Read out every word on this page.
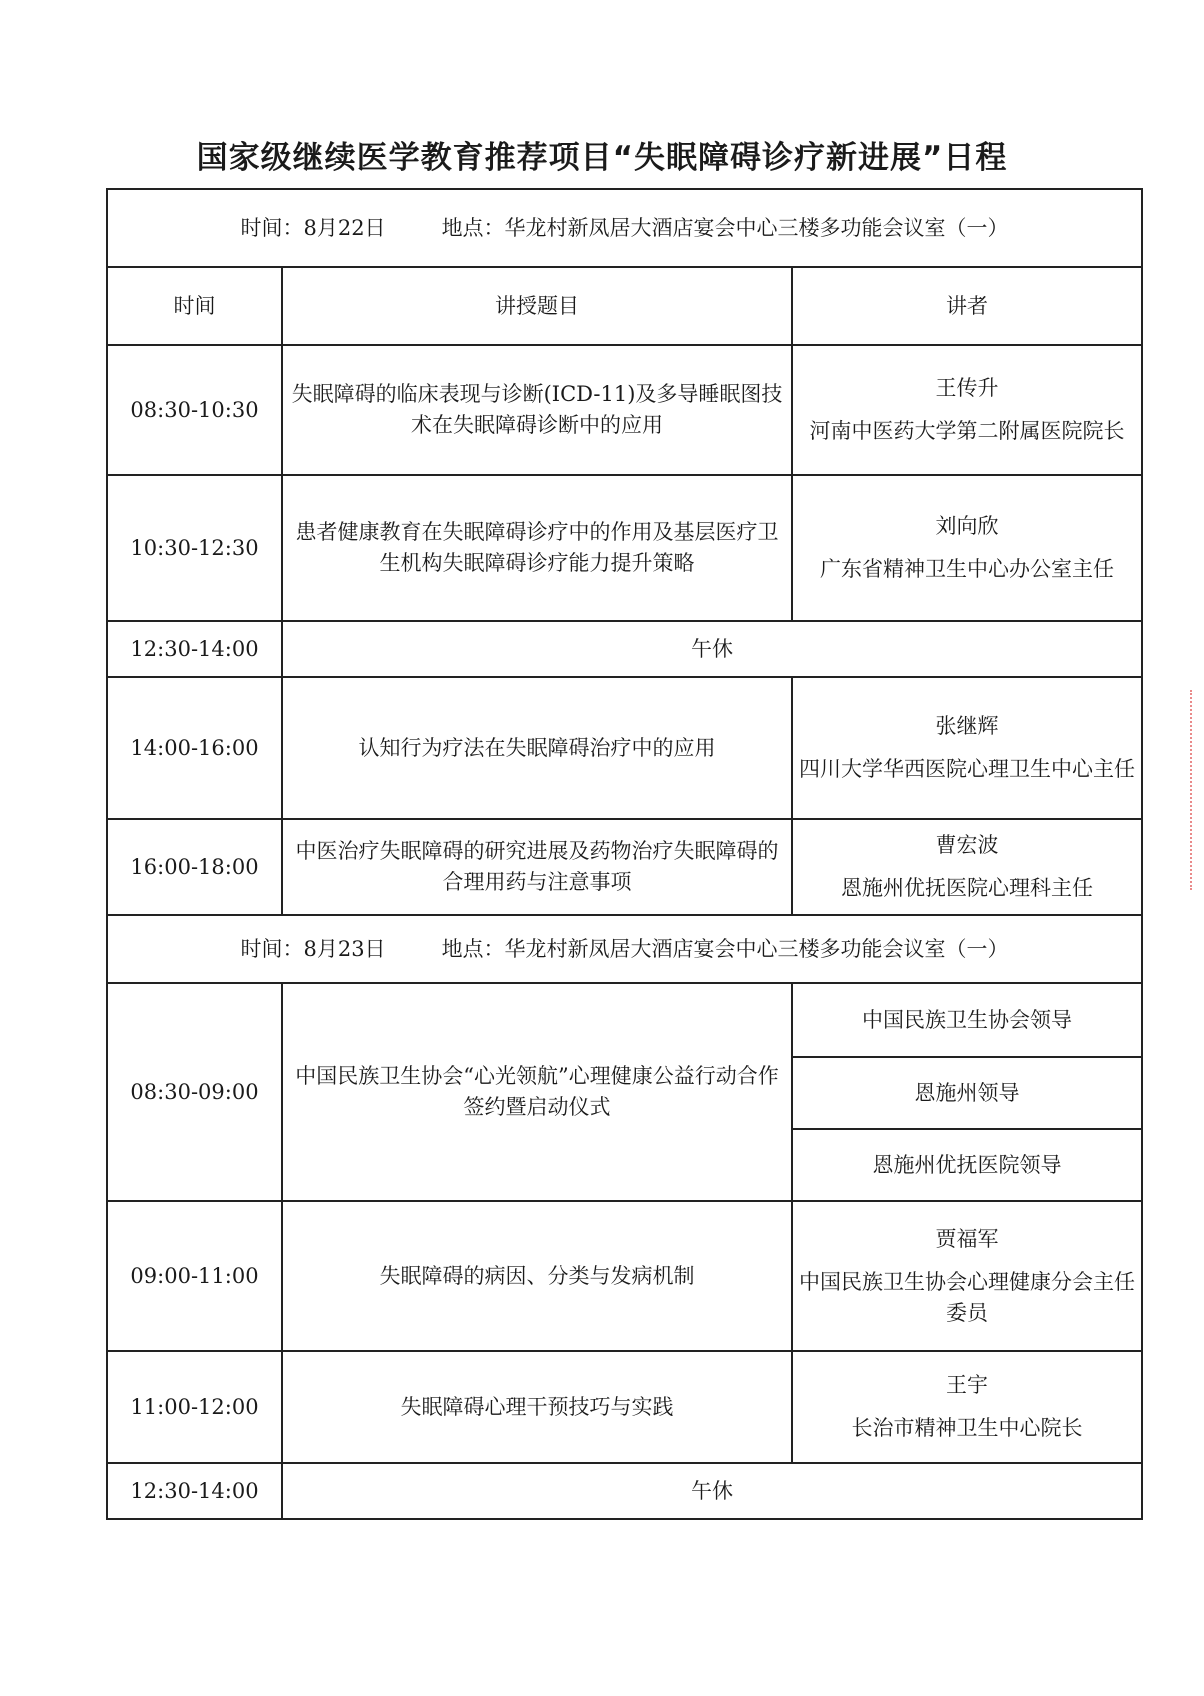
国家级继续医学教育推荐项目“失眠障碍诊疗新进展”日程
时间：8月22日 地点：华龙村新凤居大酒店宴会中心三楼多功能会议室（一）		
时间	讲授题目	讲者
08:30-10:30	失眠障碍的临床表现与诊断(ICD-11)及多导睡眠图技术在失眠障碍诊断中的应用	王传升
河南中医药大学第二附属医院院长
10:30-12:30	患者健康教育在失眠障碍诊疗中的作用及基层医疗卫生机构失眠障碍诊疗能力提升策略	刘向欣
广东省精神卫生中心办公室主任
12:30-14:00	午休	
14:00-16:00	认知行为疗法在失眠障碍治疗中的应用	张继辉
四川大学华西医院心理卫生中心主任
16:00-18:00	中医治疗失眠障碍的研究进展及药物治疗失眠障碍的合理用药与注意事项	曹宏波
恩施州优抚医院心理科主任
时间：8月23日 地点：华龙村新凤居大酒店宴会中心三楼多功能会议室（一）		
08:30-09:00	中国民族卫生协会“心光领航”心理健康公益行动合作签约暨启动仪式	中国民族卫生协会领导
		恩施州领导
		恩施州优抚医院领导
09:00-11:00	失眠障碍的病因、分类与发病机制	贾福军
中国民族卫生协会心理健康分会主任委员
11:00-12:00	失眠障碍心理干预技巧与实践	王宇
长治市精神卫生中心院长
12:30-14:00	午休	
